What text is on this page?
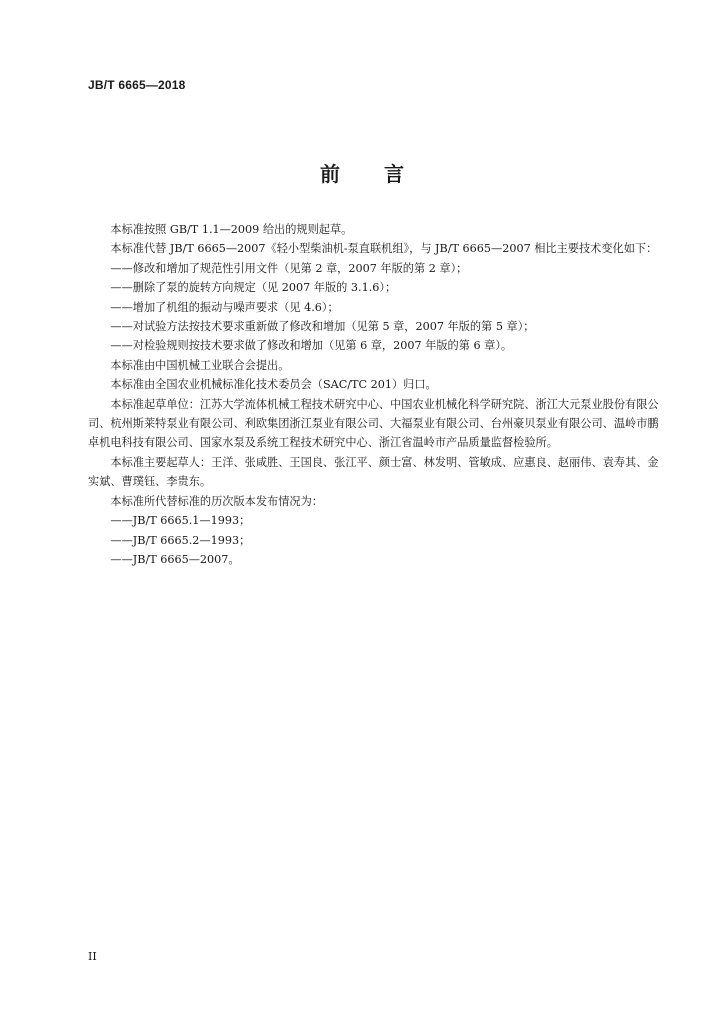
JB/T 6665—2018
前 言

本标准按照 GB/T 1.1—2009 给出的规则起草。

本标准代替 JB/T 6665—2007《轻小型柴油机-泵直联机组》，与 JB/T 6665—2007 相比主要技术变化如下：

——修改和增加了规范性引用文件（见第 2 章，2007 年版的第 2 章）；

——删除了泵的旋转方向规定（见 2007 年版的 3.1.6）；

——增加了机组的振动与噪声要求（见 4.6）；

——对试验方法按技术要求重新做了修改和增加（见第 5 章，2007 年版的第 5 章）；

——对检验规则按技术要求做了修改和增加（见第 6 章，2007 年版的第 6 章）。

本标准由中国机械工业联合会提出。

本标准由全国农业机械标准化技术委员会（SAC/TC 201）归口。

本标准起草单位：江苏大学流体机械工程技术研究中心、中国农业机械化科学研究院、浙江大元泵业股份有限公司、杭州斯莱特泵业有限公司、利欧集团浙江泵业有限公司、大福泵业有限公司、台州豪贝泵业有限公司、温岭市鹏卓机电科技有限公司、国家水泵及系统工程技术研究中心、浙江省温岭市产品质量监督检验所。

本标准主要起草人：王洋、张咸胜、王国良、张江平、颜士富、林发明、管敏成、应惠良、赵丽伟、袁寿其、金实斌、曹璞钰、李贵东。

本标准所代替标准的历次版本发布情况为：

——JB/T 6665.1—1993；

——JB/T 6665.2—1993；

——JB/T 6665—2007。

II
